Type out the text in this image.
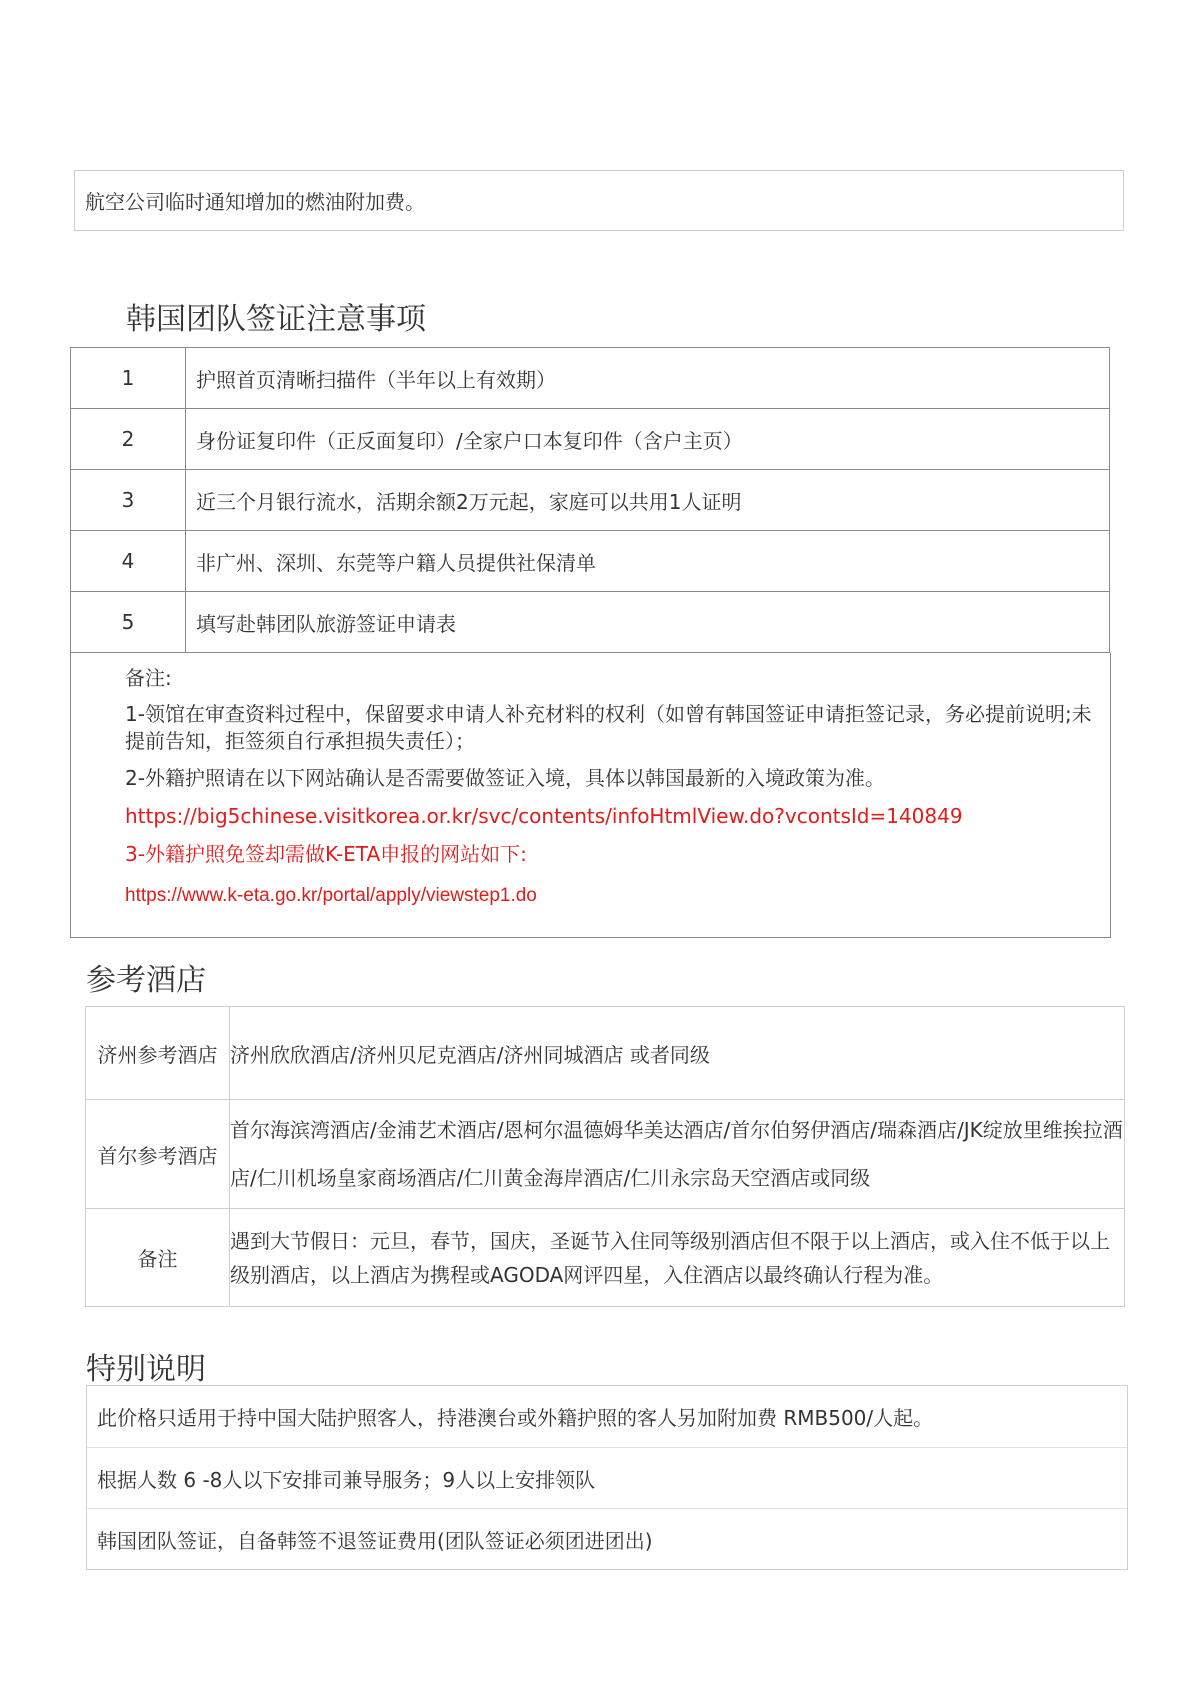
航空公司临时通知增加的燃油附加费。
韩国团队签证注意事项
1	护照首页清晰扫描件（半年以上有效期）
2	身份证复印件（正反面复印）/全家户口本复印件（含户主页）
3	近三个月银行流水，活期余额2万元起，家庭可以共用1人证明
4	非广州、深圳、东莞等户籍人员提供社保清单
5	填写赴韩团队旅游签证申请表

备注:

1-领馆在审查资料过程中，保留要求申请人补充材料的权利（如曾有韩国签证申请拒签记录，务必提前说明;未提前告知，拒签须自行承担损失责任）；

2-外籍护照请在以下网站确认是否需要做签证入境，具体以韩国最新的入境政策为准。

https://big5chinese.visitkorea.or.kr/svc/contents/infoHtmlView.do?vcontsId=140849

3-外籍护照免签却需做K-ETA申报的网站如下:

https://www.k-eta.go.kr/portal/apply/viewstep1.do

参考酒店
济州参考酒店	济州欣欣酒店/济州贝尼克酒店/济州同城酒店 或者同级
首尔参考酒店	首尔海滨湾酒店/金浦艺术酒店/恩柯尔温德姆华美达酒店/首尔伯努伊酒店/瑞森酒店/JK绽放里维挨拉酒店/仁川机场皇家商场酒店/仁川黄金海岸酒店/仁川永宗岛天空酒店或同级
备注	遇到大节假日：元旦，春节，国庆，圣诞节入住同等级别酒店但不限于以上酒店，或入住不低于以上级别酒店，以上酒店为携程或AGODA网评四星，入住酒店以最终确认行程为准。
特别说明
此价格只适用于持中国大陆护照客人，持港澳台或外籍护照的客人另加附加费 RMB500/人起。
根据人数 6 -8人以下安排司兼导服务；9人以上安排领队
韩国团队签证，自备韩签不退签证费用(团队签证必须团进团出)
